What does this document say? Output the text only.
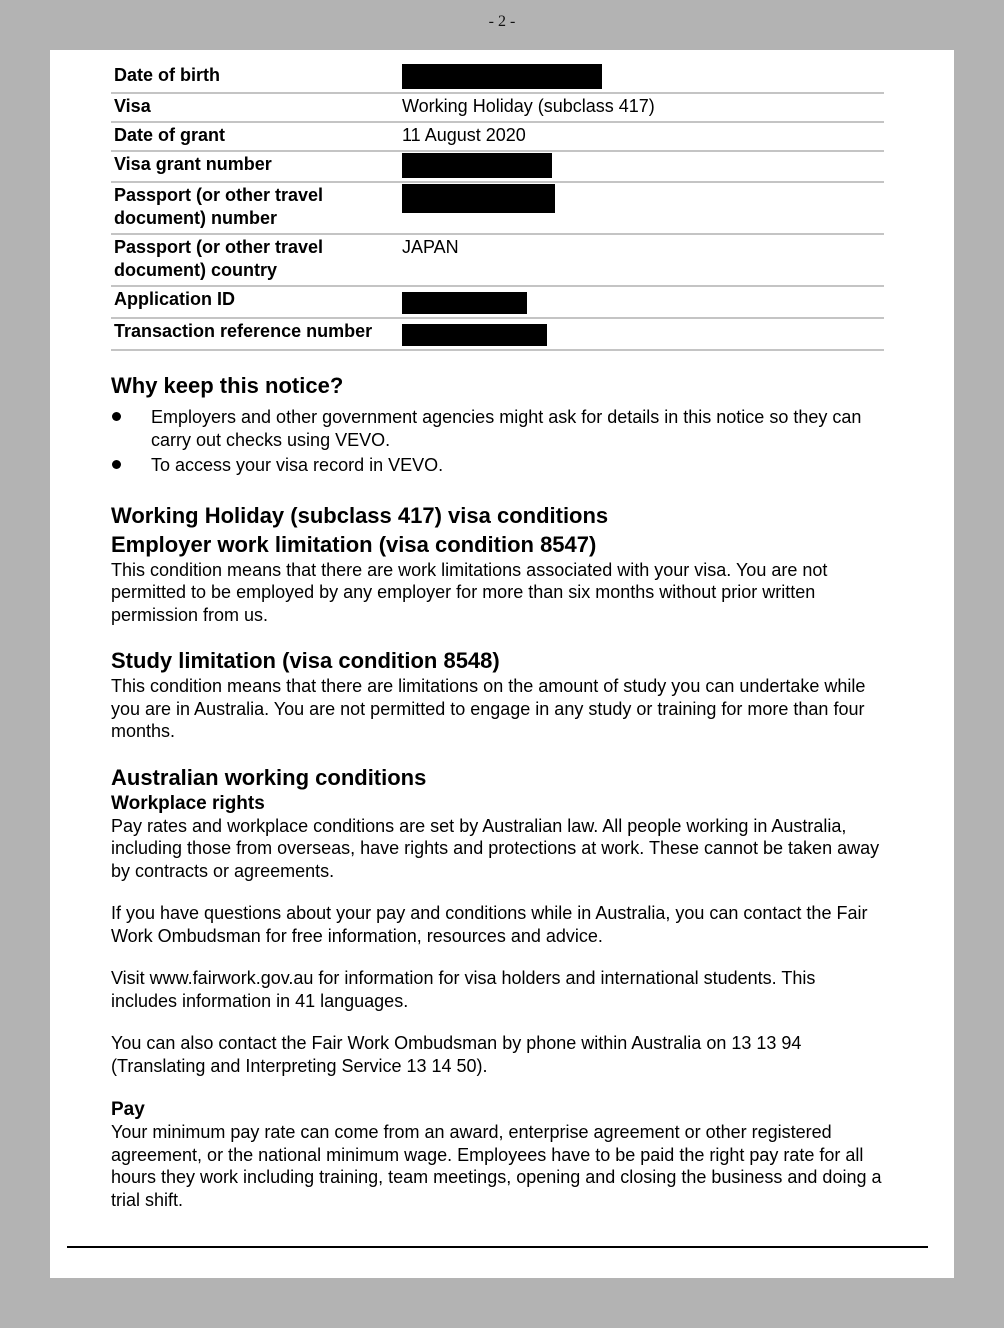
- 2 -
Date of birth	
Visa	Working Holiday (subclass 417)
Date of grant	11 August 2020
Visa grant number	
Passport (or other travel document) number	
Passport (or other travel document) country	JAPAN
Application ID	
Transaction reference number	
Why keep this notice?
Employers and other government agencies might ask for details in this notice so they can carry out checks using VEVO.
To access your visa record in VEVO.
Working Holiday (subclass 417) visa conditions
Employer work limitation (visa condition 8547)

This condition means that there are work limitations associated with your visa. You are not permitted to be employed by any employer for more than six months without prior written permission from us.

Study limitation (visa condition 8548)

This condition means that there are limitations on the amount of study you can undertake while you are in Australia. You are not permitted to engage in any study or training for more than four months.

Australian working conditions
Workplace rights

Pay rates and workplace conditions are set by Australian law. All people working in Australia, including those from overseas, have rights and protections at work. These cannot be taken away by contracts or agreements.

If you have questions about your pay and conditions while in Australia, you can contact the Fair Work Ombudsman for free information, resources and advice.

Visit www.fairwork.gov.au for information for visa holders and international students. This includes information in 41 languages.

You can also contact the Fair Work Ombudsman by phone within Australia on 13 13 94 (Translating and Interpreting Service 13 14 50).

Pay

Your minimum pay rate can come from an award, enterprise agreement or other registered agreement, or the national minimum wage. Employees have to be paid the right pay rate for all hours they work including training, team meetings, opening and closing the business and doing a trial shift.
